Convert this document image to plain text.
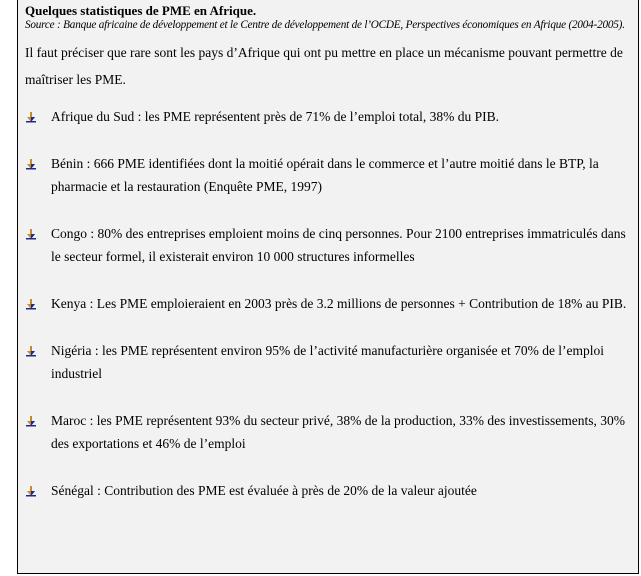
Quelques statistiques de PME en Afrique.

Source : Banque africaine de développement et le Centre de développement de l’OCDE, Perspectives économiques en Afrique (2004-2005).

Il faut préciser que rare sont les pays d’Afrique qui ont pu mettre en place un mécanisme pouvant permettre de maîtriser les PME.

Afrique du Sud : les PME représentent près de 71% de l’emploi total, 38% du PIB.
Bénin : 666 PME identifiées dont la moitié opérait dans le commerce et l’autre moitié dans le BTP, la pharmacie et la restauration (Enquête PME, 1997)
Congo : 80% des entreprises emploient moins de cinq personnes. Pour 2100 entreprises immatriculés dans le secteur formel, il existerait environ 10 000 structures informelles
Kenya : Les PME emploieraient en 2003 près de 3.2 millions de personnes + Contribution de 18% au PIB.
Nigéria : les PME représentent environ 95% de l’activité manufacturière organisée et 70% de l’emploi industriel
Maroc : les PME représentent 93% du secteur privé, 38% de la production, 33% des investissements, 30% des exportations et 46% de l’emploi
Sénégal : Contribution des PME est évaluée à près de 20% de la valeur ajoutée
